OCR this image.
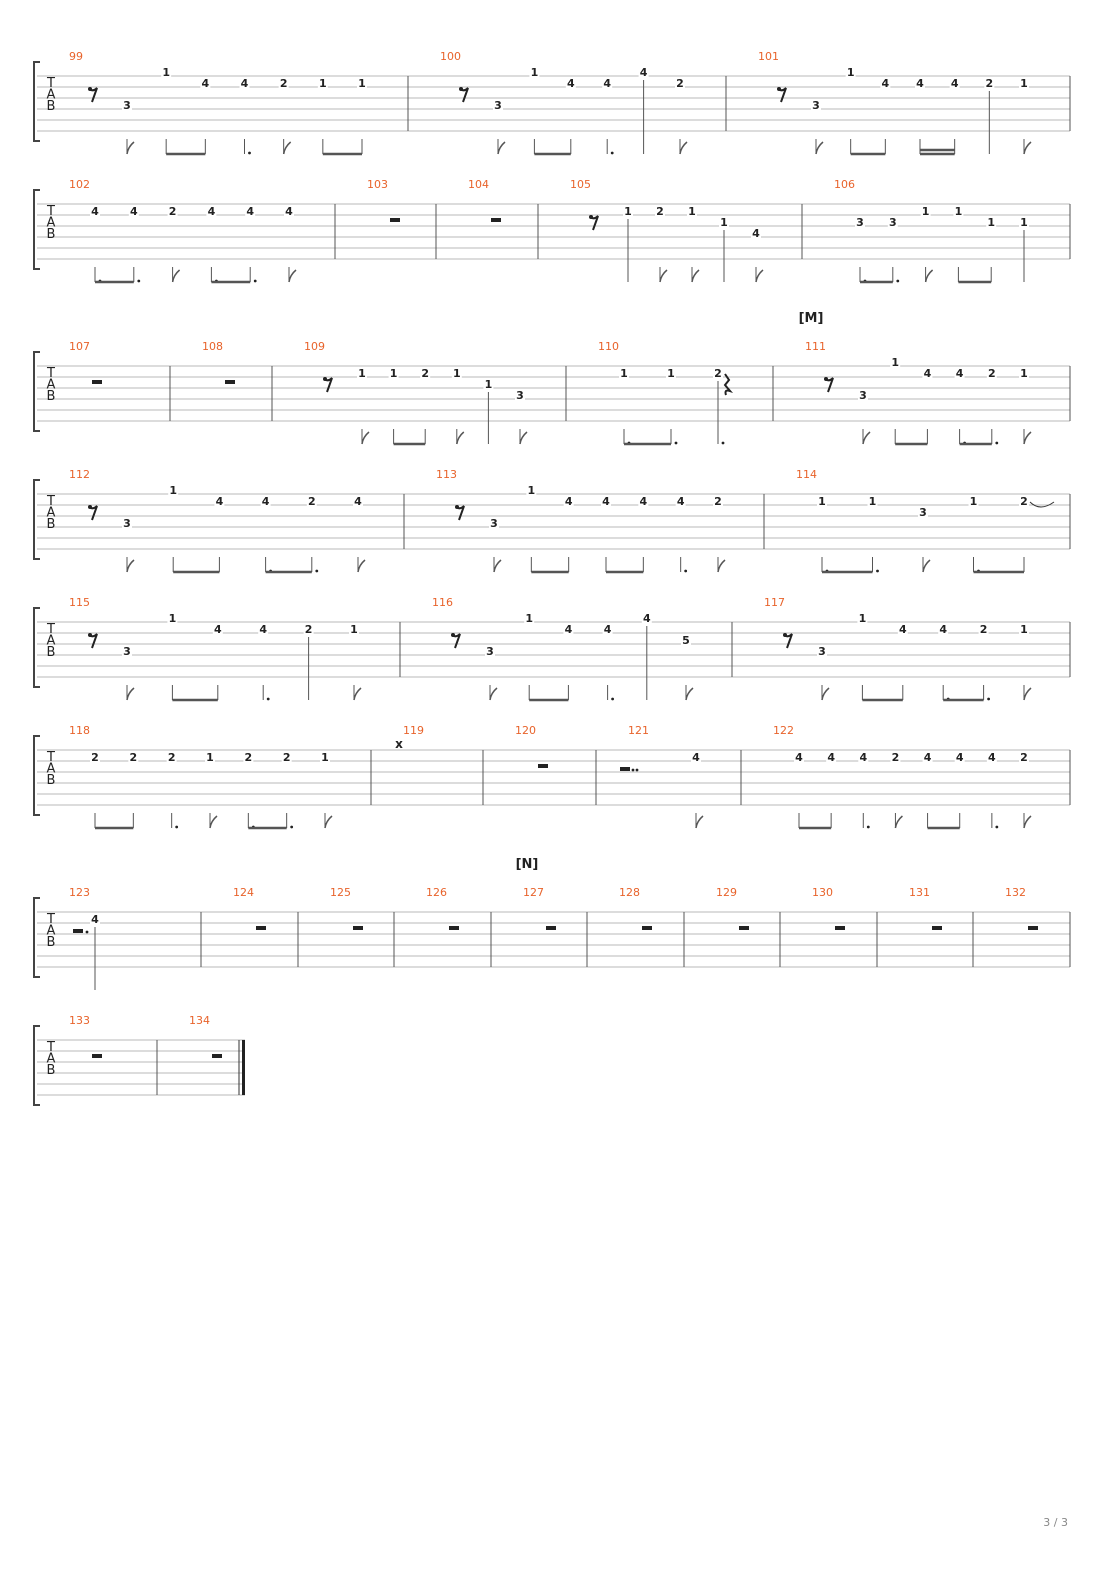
[M]
[N]
T
A
B
99
3
1
4	4	2	1	1
100
3
1
4	4
4
2
101
3
1
4 4 4 2 1
T
A
B
102
4	4	2	4	4	4
103	104	105
1 2 1
1
4
106
3 3
1 1
1 1
T
A
B
107	108	109
1 1 2 1
1
3
110
1	1	2
111
3
1
4 4 2 1
T
A
B
112
3
1
4	4	2	4
113
3
1
4	4	4	4	2
114
1	1
3
1	2
T
A
B
115
3
1
4	4	2	1
116
3
1
4	4
4
5
117
3
1
4	4	2	1
T
A
B
118
2	2	2	1	2	2	1
119
x
120	121
4
122
4 4 4 2 4 4 4 2
T
A
B
123
4
124	125	126	127	128	129	130	131	132
T
A
B
133	134
3 / 3
